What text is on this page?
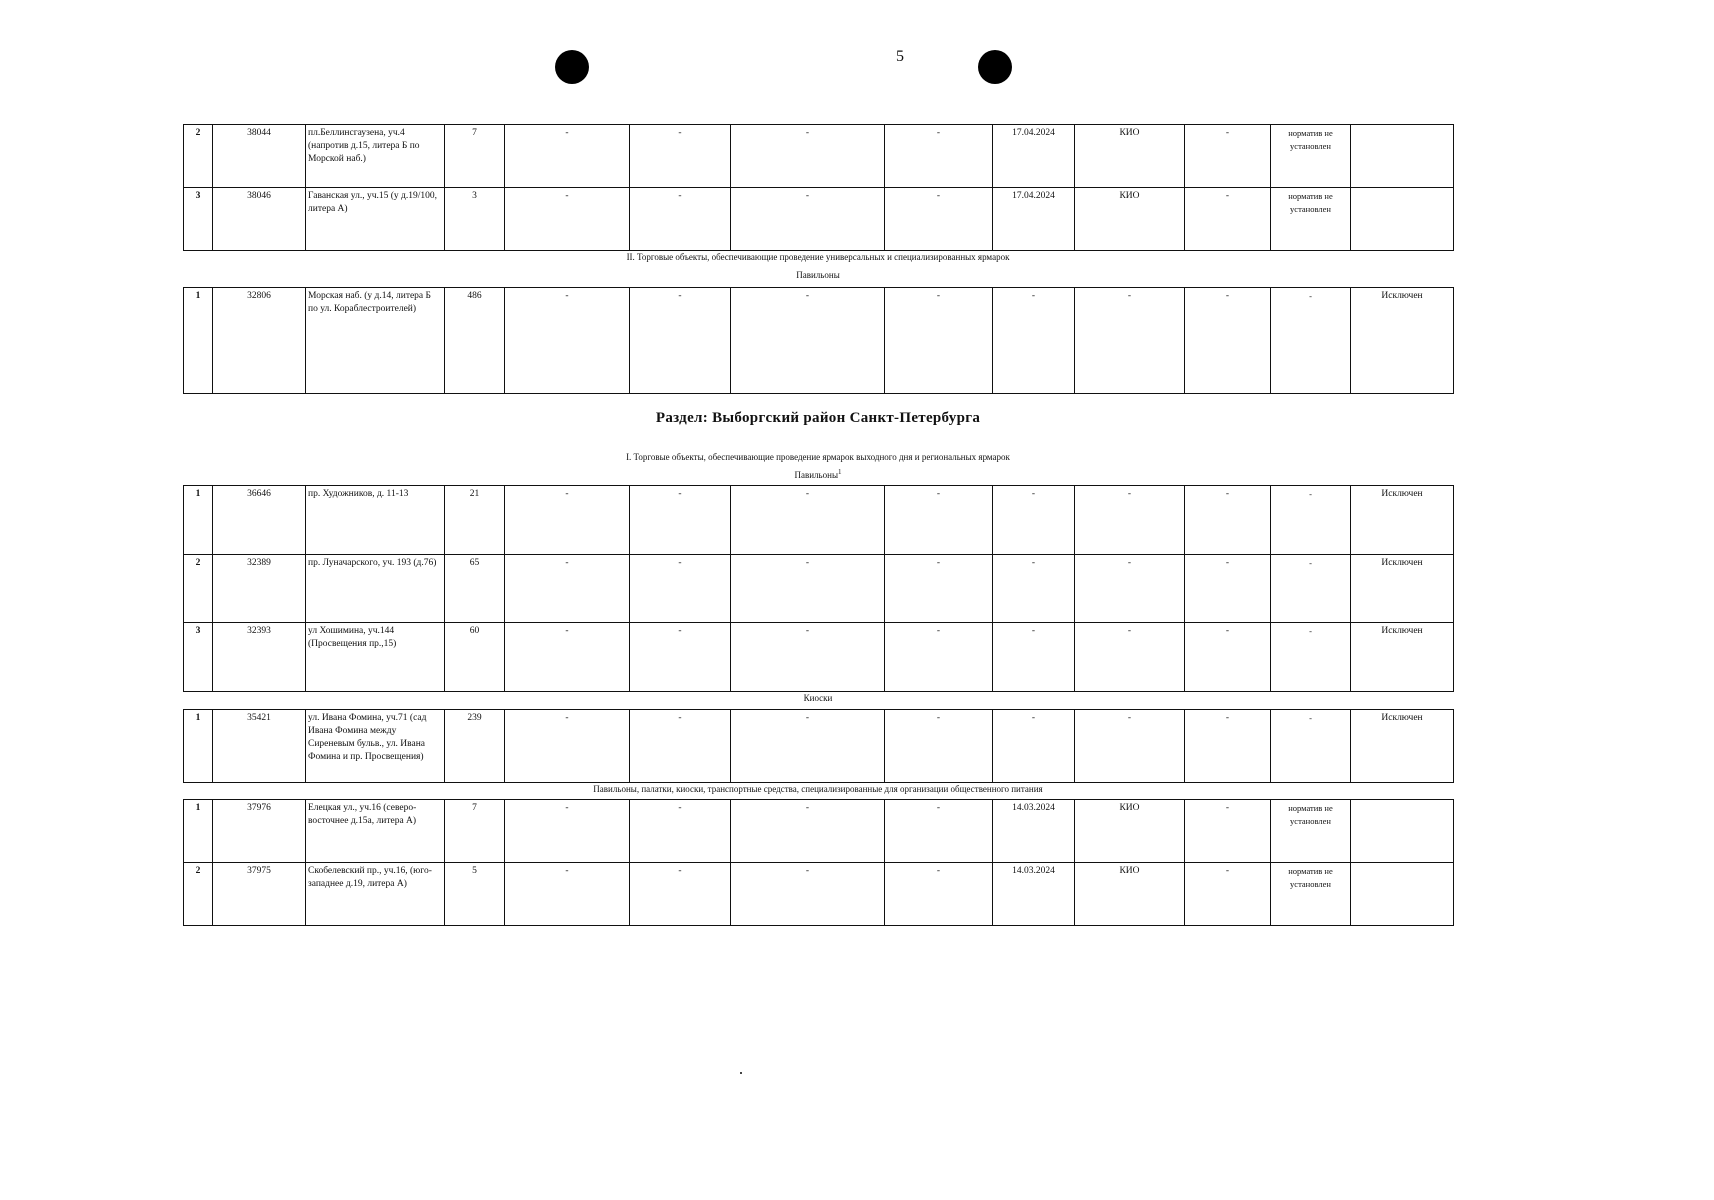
5
2	38044	пл.Беллинсгаузена, уч.4 (напротив д.15, литера Б по Морской наб.)	7	-	-	-	-	17.04.2024	КИО	-	норматив не установлен	
3	38046	Гаванская ул., уч.15 (у д.19/100, литера А)	3	-	-	-	-	17.04.2024	КИО	-	норматив не установлен	
II. Торговые объекты, обеспечивающие проведение универсальных и специализированных ярмарок
Павильоны
1	32806	Морская наб. (у д.14, литера Б по ул. Кораблестроителей)	486	-	-	-	-	-	-	-	-	Исключен
Раздел: Выборгский район Санкт-Петербурга
I. Торговые объекты, обеспечивающие проведение ярмарок выходного дня и региональных ярмарок
Павильоны$^1$
1	36646	пр. Художников, д. 11-13	21	-	-	-	-	-	-	-	-	Исключен
2	32389	пр. Луначарского, уч. 193 (д.76)	65	-	-	-	-	-	-	-	-	Исключен
3	32393	ул Хошимина, уч.144 (Просвещения пр.,15)	60	-	-	-	-	-	-	-	-	Исключен
Киоски
1	35421	ул. Ивана Фомина, уч.71 (сад Ивана Фомина между Сиреневым бульв., ул. Ивана Фомина и пр. Просвещения)	239	-	-	-	-	-	-	-	-	Исключен
Павильоны, палатки, киоски, транспортные средства, специализированные для организации общественного питания
1	37976	Елецкая ул., уч.16 (северо-восточнее д.15а, литера А)	7	-	-	-	-	14.03.2024	КИО	-	норматив не установлен	
2	37975	Скобелевский пр., уч.16, (юго-западнее д.19, литера А)	5	-	-	-	-	14.03.2024	КИО	-	норматив не установлен	
